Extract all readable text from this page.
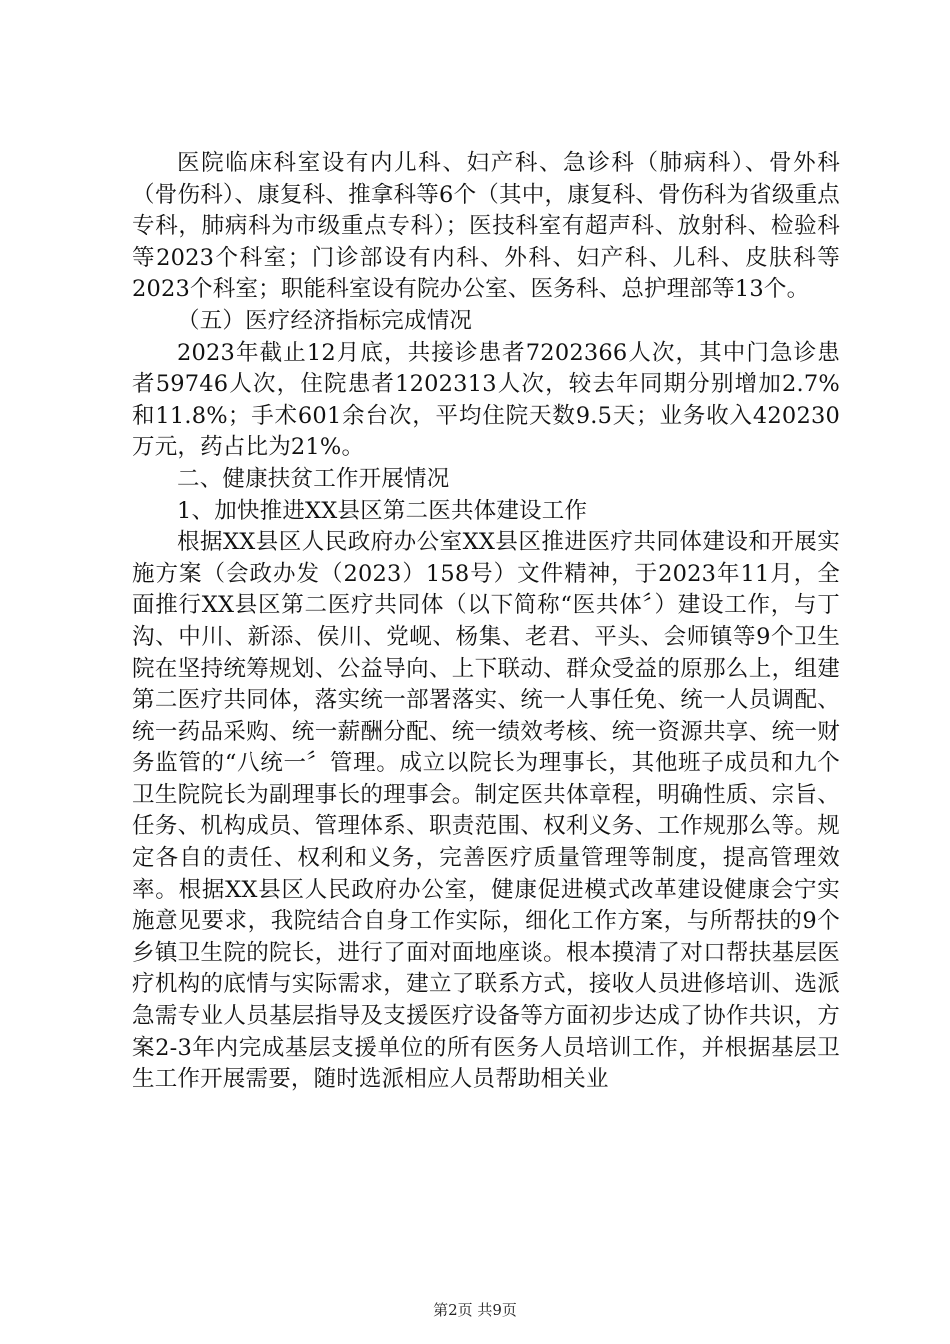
医院临床科室设有内儿科、妇产科、急诊科（肺病科）、骨外科（骨伤科）、康复科、推拿科等6个（其中，康复科、骨伤科为省级重点专科，肺病科为市级重点专科）；医技科室有超声科、放射科、检验科等2023个科室；门诊部设有内科、外科、妇产科、儿科、皮肤科等2023个科室；职能科室设有院办公室、医务科、总护理部等13个。

（五）医疗经济指标完成情况

2023年截止12月底，共接诊患者7202366人次，其中门急诊患者59746人次，住院患者1202313人次，较去年同期分别增加2.7%和11.8%；手术601余台次，平均住院天数9.5天；业务收入420230万元，药占比为21%。

二、健康扶贫工作开展情况

1、加快推进XX县区第二医共体建设工作

根据XX县区人民政府办公室XX县区推进医疗共同体建设和开展实施方案（会政办发（2023）158号）文件精神，于2023年11月，全面推行XX县区第二医疗共同体（以下简称“医共体〞）建设工作，与丁沟、中川、新添、侯川、党岘、杨集、老君、平头、会师镇等9个卫生院在坚持统筹规划、公益导向、上下联动、群众受益的原那么上，组建第二医疗共同体，落实统一部署落实、统一人事任免、统一人员调配、统一药品采购、统一薪酬分配、统一绩效考核、统一资源共享、统一财务监管的“八统一〞管理。成立以院长为理事长，其他班子成员和九个卫生院院长为副理事长的理事会。制定医共体章程，明确性质、宗旨、任务、机构成员、管理体系、职责范围、权利义务、工作规那么等。规定各自的责任、权利和义务，完善医疗质量管理等制度，提高管理效率。根据XX县区人民政府办公室，健康促进模式改革建设健康会宁实施意见要求，我院结合自身工作实际，细化工作方案，与所帮扶的9个乡镇卫生院的院长，进行了面对面地座谈。根本摸清了对口帮扶基层医疗机构的底情与实际需求，建立了联系方式，接收人员进修培训、选派急需专业人员基层指导及支援医疗设备等方面初步达成了协作共识，方案2-3年内完成基层支援单位的所有医务人员培训工作，并根据基层卫生工作开展需要，随时选派相应人员帮助相关业

第2页 共9页
